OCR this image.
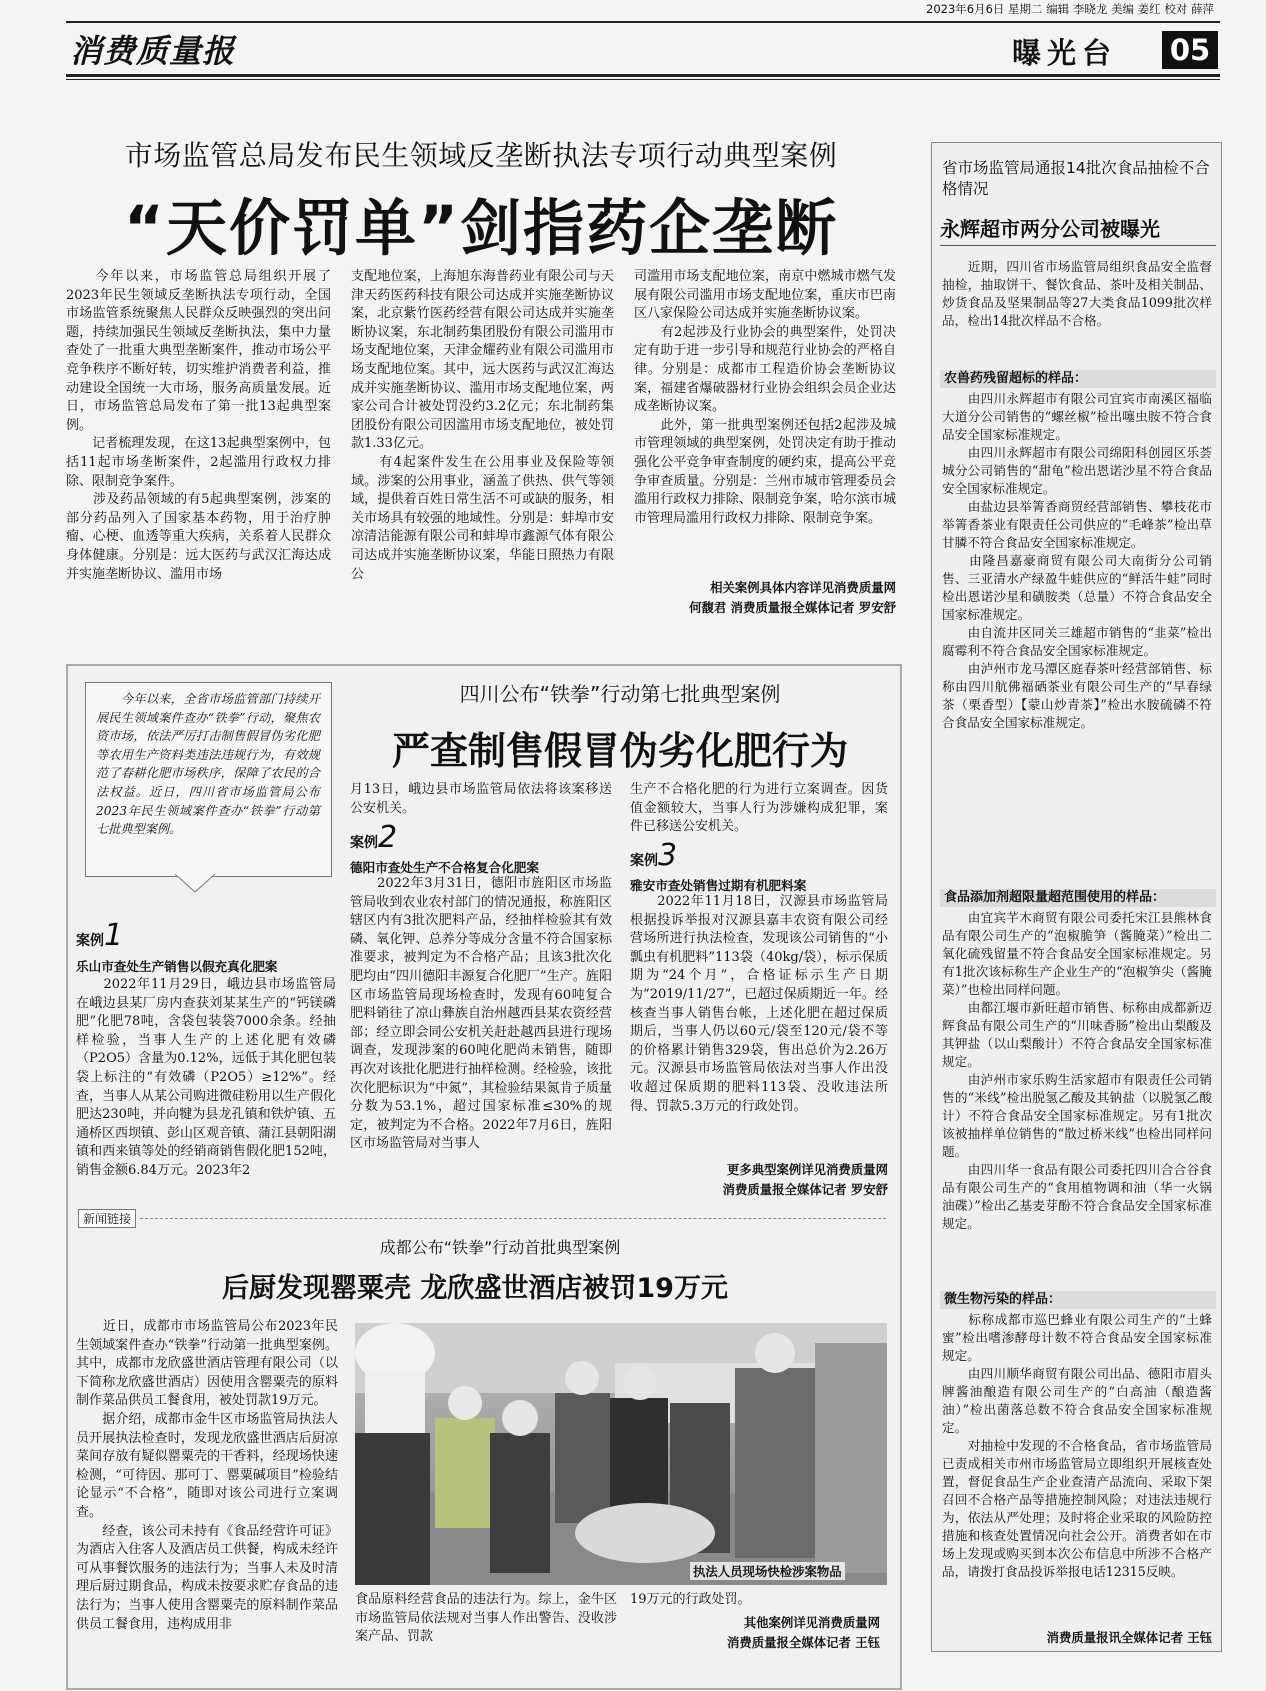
2023年6月6日 星期二 编辑 李晓龙 美编 姜红 校对 薛萍
消费质量报	曝光台 05
市场监管总局发布民生领域反垄断执法专项行动典型案例
“天价罚单”剑指药企垄断
　　今年以来，市场监管总局组织开展了2023年民生领域反垄断执法专项行动，全国市场监管系统聚焦人民群众反映强烈的突出问题，持续加强民生领域反垄断执法，集中力量查处了一批重大典型垄断案件，推动市场公平竞争秩序不断好转，切实维护消费者利益，推动建设全国统一大市场，服务高质量发展。近日，市场监管总局发布了第一批13起典型案例。
　　记者梳理发现，在这13起典型案例中，包括11起市场垄断案件，2起滥用行政权力排除、限制竞争案件。
　　涉及药品领域的有5起典型案例，涉案的部分药品列入了国家基本药物，用于治疗肿瘤、心梗、血透等重大疾病，关系着人民群众身体健康。分别是：远大医药与武汉汇海达成并实施垄断协议、滥用市场
支配地位案，上海旭东海普药业有限公司与天津天药医药科技有限公司达成并实施垄断协议案，北京紫竹医药经营有限公司达成并实施垄断协议案，东北制药集团股份有限公司滥用市场支配地位案，天津金耀药业有限公司滥用市场支配地位案。其中，远大医药与武汉汇海达成并实施垄断协议、滥用市场支配地位案，两家公司合计被处罚没约3.2亿元；东北制药集团股份有限公司因滥用市场支配地位，被处罚款1.33亿元。
　　有4起案件发生在公用事业及保险等领域。涉案的公用事业，涵盖了供热、供气等领域，提供着百姓日常生活不可或缺的服务，相关市场具有较强的地域性。分别是：蚌埠市安凉清洁能源有限公司和蚌埠市鑫源气体有限公司达成并实施垄断协议案，华能日照热力有限公
司滥用市场支配地位案，南京中燃城市燃气发展有限公司滥用市场支配地位案，重庆市巴南区八家保险公司达成并实施垄断协议案。
　　有2起涉及行业协会的典型案件，处罚决定有助于进一步引导和规范行业协会的严格自律。分别是：成都市工程造价协会垄断协议案，福建省爆破器材行业协会组织会员企业达成垄断协议案。
　　此外，第一批典型案例还包括2起涉及城市管理领域的典型案例，处罚决定有助于推动强化公平竞争审查制度的硬约束，提高公平竞争审查质量。分别是：兰州市城市管理委员会滥用行政权力排除、限制竞争案，哈尔滨市城市管理局滥用行政权力排除、限制竞争案。
相关案例具体内容详见消费质量网
何馥君 消费质量报全媒体记者 罗安舒
省市场监管局通报14批次食品抽检不合格情况
永辉超市两分公司被曝光
　　近期，四川省市场监管局组织食品安全监督抽检，抽取饼干、餐饮食品、茶叶及相关制品、炒货食品及坚果制品等27大类食品1099批次样品，检出14批次样品不合格。
农兽药残留超标的样品：
　　由四川永辉超市有限公司宜宾市南溪区福临大道分公司销售的“螺丝椒”检出噻虫胺不符合食品安全国家标准规定。
　　由四川永辉超市有限公司绵阳科创园区乐荟城分公司销售的“甜龟”检出恩诺沙星不符合食品安全国家标准规定。
　　由盐边县举箐香商贸经营部销售、攀枝花市举箐香茶业有限责任公司供应的“毛峰茶”检出草甘膦不符合食品安全国家标准规定。
　　由隆昌嘉豪商贸有限公司大南街分公司销售、三亚清水产绿盈牛蛙供应的“鲜活牛蛙”同时检出恩诺沙星和磺胺类（总量）不符合食品安全国家标准规定。
　　由自流井区同关三雄超市销售的“韭菜”检出腐霉利不符合食品安全国家标准规定。
　　由泸州市龙马潭区庭春茶叶经营部销售、标称由四川航佛福硒茶业有限公司生产的“早春绿茶（栗香型）【蒙山炒青茶】”检出水胺硫磷不符合食品安全国家标准规定。
食品添加剂超限量超范围使用的样品：
　　由宜宾芊木商贸有限公司委托宋江县熊林食品有限公司生产的“泡椒脆笋（酱腌菜）”检出二氧化硫残留量不符合食品安全国家标准规定。另有1批次该标称生产企业生产的“泡椒笋尖（酱腌菜）”也检出同样问题。
　　由都江堰市新旺超市销售、标称由成都新迈辉食品有限公司生产的“川味香肠”检出山梨酸及其钾盐（以山梨酸计）不符合食品安全国家标准规定。
　　由泸州市家乐购生活家超市有限责任公司销售的“米线”检出脱氢乙酸及其钠盐（以脱氢乙酸计）不符合食品安全国家标准规定。另有1批次该被抽样单位销售的“散过桥米线”也检出同样问题。
　　由四川华一食品有限公司委托四川合合谷食品有限公司生产的“食用植物调和油（华一火锅油碟）”检出乙基麦芽酚不符合食品安全国家标准规定。
微生物污染的样品：
　　标称成都市巡巴蜂业有限公司生产的“土蜂蜜”检出嗜渗酵母计数不符合食品安全国家标准规定。
　　由四川顺华商贸有限公司出品、德阳市眉头牌酱油酿造有限公司生产的“白高油（酿造酱油）”检出菌落总数不符合食品安全国家标准规定。
　　对抽检中发现的不合格食品，省市场监管局已责成相关市州市场监管局立即组织开展核查处置，督促食品生产企业查清产品流向、采取下架召回不合格产品等措施控制风险；对违法违规行为，依法从严处理；及时将企业采取的风险防控措施和核查处置情况向社会公开。消费者如在市场上发现或购买到本次公布信息中所涉不合格产品，请拨打食品投诉举报电话12315反映。
消费质量报讯全媒体记者 王钰
　　今年以来，全省市场监管部门持续开展民生领域案件查办“铁拳”行动，聚焦农资市场，依法严厉打击制售假冒伪劣化肥等农用生产资料类违法违规行为，有效规范了春耕化肥市场秩序，保障了农民的合法权益。近日，四川省市场监管局公布2023年民生领域案件查办“铁拳”行动第七批典型案例。
四川公布“铁拳”行动第七批典型案例
严查制售假冒伪劣化肥行为
案例1
乐山市查处生产销售以假充真化肥案
　　2022年11月29日，峨边县市场监管局在峨边县某厂房内查获刘某某生产的“钙镁磷肥”化肥78吨，含袋包装袋7000余条。经抽样检验，当事人生产的上述化肥有效磷（P2O5）含量为0.12%，远低于其化肥包装袋上标注的“有效磷（P2O5）≥12%”。经查，当事人从某公司购进微硅粉用以生产假化肥达230吨，并向犍为县龙孔镇和铁炉镇、五通桥区西坝镇、彭山区观音镇、蒲江县朝阳湖镇和西来镇等处的经销商销售假化肥152吨，销售金额6.84万元。2023年2
月13日，峨边县市场监管局依法将该案移送公安机关。
案例2
德阳市查处生产不合格复合化肥案
　　2022年3月31日，德阳市旌阳区市场监管局收到农业农村部门的情况通报，称旌阳区辖区内有3批次肥料产品，经抽样检验其有效磷、氧化钾、总养分等成分含量不符合国家标准要求，被判定为不合格产品；且该3批次化肥均由“四川德阳丰源复合化肥厂”生产。旌阳区市场监管局现场检查时，发现有60吨复合肥料销往了凉山彝族自治州越西县某农资经营部；经立即会同公安机关赶赴越西县进行现场调查，发现涉案的60吨化肥尚未销售，随即再次对该批化肥进行抽样检测。经检验，该批次化肥标识为“中氮”，其检验结果氮肯子质量分数为53.1%，超过国家标准≤30%的规定，被判定为不合格。2022年7月6日，旌阳区市场监管局对当事人
生产不合格化肥的行为进行立案调查。因货值金额较大，当事人行为涉嫌构成犯罪，案件已移送公安机关。
案例3
雅安市查处销售过期有机肥料案
　　2022年11月18日，汉源县市场监管局根据投诉举报对汉源县嘉丰农资有限公司经营场所进行执法检查，发现该公司销售的“小瓢虫有机肥料”113袋（40kg/袋），标示保质期为“24个月”，合格证标示生产日期为“2019/11/27”，已超过保质期近一年。经核查当事人销售台帐，上述化肥在超过保质期后，当事人仍以60元/袋至120元/袋不等的价格累计销售329袋，售出总价为2.26万元。汉源县市场监管局依法对当事人作出没收超过保质期的肥料113袋、没收违法所得、罚款5.3万元的行政处罚。
更多典型案例详见消费质量网
消费质量报全媒体记者 罗安舒
新闻链接
成都公布“铁拳”行动首批典型案例
后厨发现罂粟壳 龙欣盛世酒店被罚19万元
　　近日，成都市市场监管局公布2023年民生领域案件查办“铁拳”行动第一批典型案例。其中，成都市龙欣盛世酒店管理有限公司（以下简称龙欣盛世酒店）因使用含罂粟壳的原料制作菜品供员工餐食用，被处罚款19万元。
　　据介绍，成都市金牛区市场监管局执法人员开展执法检查时，发现龙欣盛世酒店后厨凉菜间存放有疑似罂粟壳的干香料，经现场快速检测，“可待因、那可丁、罂粟碱项目”检验结论显示“不合格”，随即对该公司进行立案调查。
　　经查，该公司未持有《食品经营许可证》为酒店入住客人及酒店员工供餐，构成未经许可从事餐饮服务的违法行为；当事人未及时清理后厨过期食品，构成未按要求贮存食品的违法行为；当事人使用含罂粟壳的原料制作菜品供员工餐食用，违构成用非
执法人员现场快检涉案物品
食品原料经营食品的违法行为。综上，金牛区市场监管局依法规对当事人作出警告、没收涉案产品、罚款
19万元的行政处罚。
其他案例详见消费质量网
消费质量报全媒体记者 王钰
